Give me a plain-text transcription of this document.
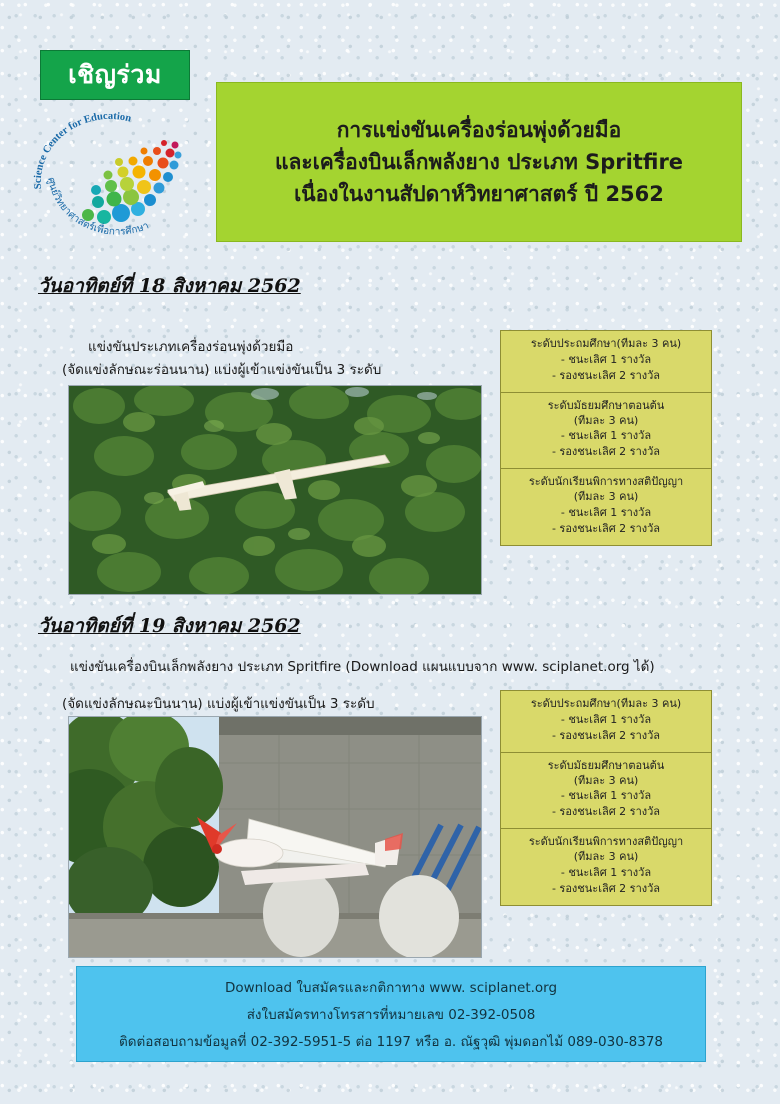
เชิญร่วม
Science Center for Education
ศูนย์วิทยาศาสตร์เพื่อการศึกษา
การแข่งขันเครื่องร่อนพุ่งด้วยมือ
และเครื่องบินเล็กพลังยาง ประเภท Spritfire
เนื่องในงานสัปดาห์วิทยาศาสตร์ ปี 2562
วันอาทิตย์ที่ 18 สิงหาคม 2562
แข่งขันประเภทเครื่องร่อนพุ่งด้วยมือ
(จัดแข่งลักษณะร่อนนาน) แบ่งผู้เข้าแข่งขันเป็น 3 ระดับ
ระดับประถมศึกษา(ทีมละ 3 คน)
- ชนะเลิศ 1 รางวัล
- รองชนะเลิศ 2 รางวัล
ระดับมัธยมศึกษาตอนต้น
(ทีมละ 3 คน)
- ชนะเลิศ 1 รางวัล
- รองชนะเลิศ 2 รางวัล
ระดับนักเรียนพิการทางสติปัญญา
(ทีมละ 3 คน)
- ชนะเลิศ 1 รางวัล
- รองชนะเลิศ 2 รางวัล
วันอาทิตย์ที่ 19 สิงหาคม 2562
แข่งขันเครื่องบินเล็กพลังยาง ประเภท Spritfire (Download แผนแบบจาก www. sciplanet.org ได้)
(จัดแข่งลักษณะบินนาน) แบ่งผู้เข้าแข่งขันเป็น 3 ระดับ	ระดับประถมศึกษา(ทีมละ 3 คน)
- ชนะเลิศ 1 รางวัล
- รองชนะเลิศ 2 รางวัล
ระดับมัธยมศึกษาตอนต้น
(ทีมละ 3 คน)
- ชนะเลิศ 1 รางวัล
- รองชนะเลิศ 2 รางวัล
ระดับนักเรียนพิการทางสติปัญญา
(ทีมละ 3 คน)
- ชนะเลิศ 1 รางวัล
- รองชนะเลิศ 2 รางวัล
Download ใบสมัครและกติกาทาง www. sciplanet.org
ส่งใบสมัครทางโทรสารที่หมายเลข 02-392-0508
ติดต่อสอบถามข้อมูลที่ 02-392-5951-5 ต่อ 1197 หรือ อ. ณัฐวุฒิ พุ่มดอกไม้ 089-030-8378
